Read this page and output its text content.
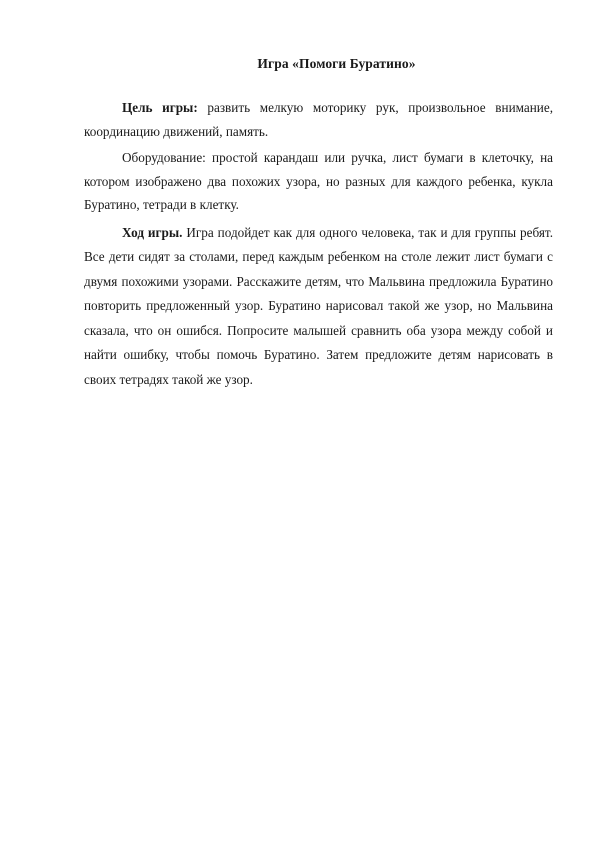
Игра «Помоги Буратино»

Цель игры: развить мелкую моторику рук, произвольное внимание, координацию движений, память.

Оборудование: простой карандаш или ручка, лист бумаги в клеточку, на котором изображено два похожих узора, но разных для каждого ребенка, кукла Буратино, тетради в клетку.

Ход игры. Игра подойдет как для одного человека, так и для группы ребят. Все дети сидят за столами, перед каждым ребенком на столе лежит лист бумаги с двумя похожими узорами. Расскажите детям, что Мальвина предложила Буратино повторить предложенный узор. Буратино нарисовал такой же узор, но Мальвина сказала, что он ошибся. Попросите малышей сравнить оба узора между собой и найти ошибку, чтобы помочь Буратино. Затем предложите детям нарисовать в своих тетрадях такой же узор.
